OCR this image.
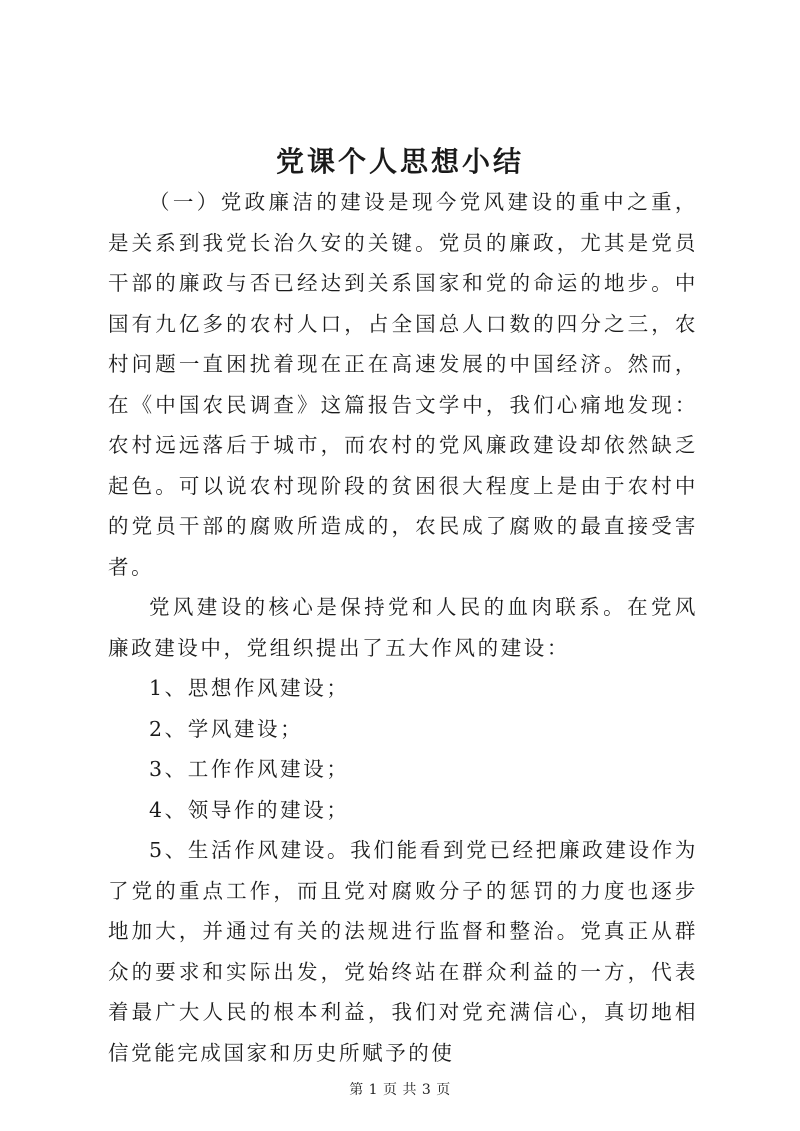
党课个人思想小结

（一）党政廉洁的建设是现今党风建设的重中之重，是关系到我党长治久安的关键。党员的廉政，尤其是党员干部的廉政与否已经达到关系国家和党的命运的地步。中国有九亿多的农村人口，占全国总人口数的四分之三，农村问题一直困扰着现在正在高速发展的中国经济。然而，在《中国农民调查》这篇报告文学中，我们心痛地发现：农村远远落后于城市，而农村的党风廉政建设却依然缺乏起色。可以说农村现阶段的贫困很大程度上是由于农村中的党员干部的腐败所造成的，农民成了腐败的最直接受害者。

党风建设的核心是保持党和人民的血肉联系。在党风廉政建设中，党组织提出了五大作风的建设：

1、思想作风建设；

2、学风建设；

3、工作作风建设；

4、领导作的建设；

5、生活作风建设。我们能看到党已经把廉政建设作为了党的重点工作，而且党对腐败分子的惩罚的力度也逐步地加大，并通过有关的法规进行监督和整治。党真正从群众的要求和实际出发，党始终站在群众利益的一方，代表着最广大人民的根本利益，我们对党充满信心，真切地相信党能完成国家和历史所赋予的使

第 1 页 共 3 页
